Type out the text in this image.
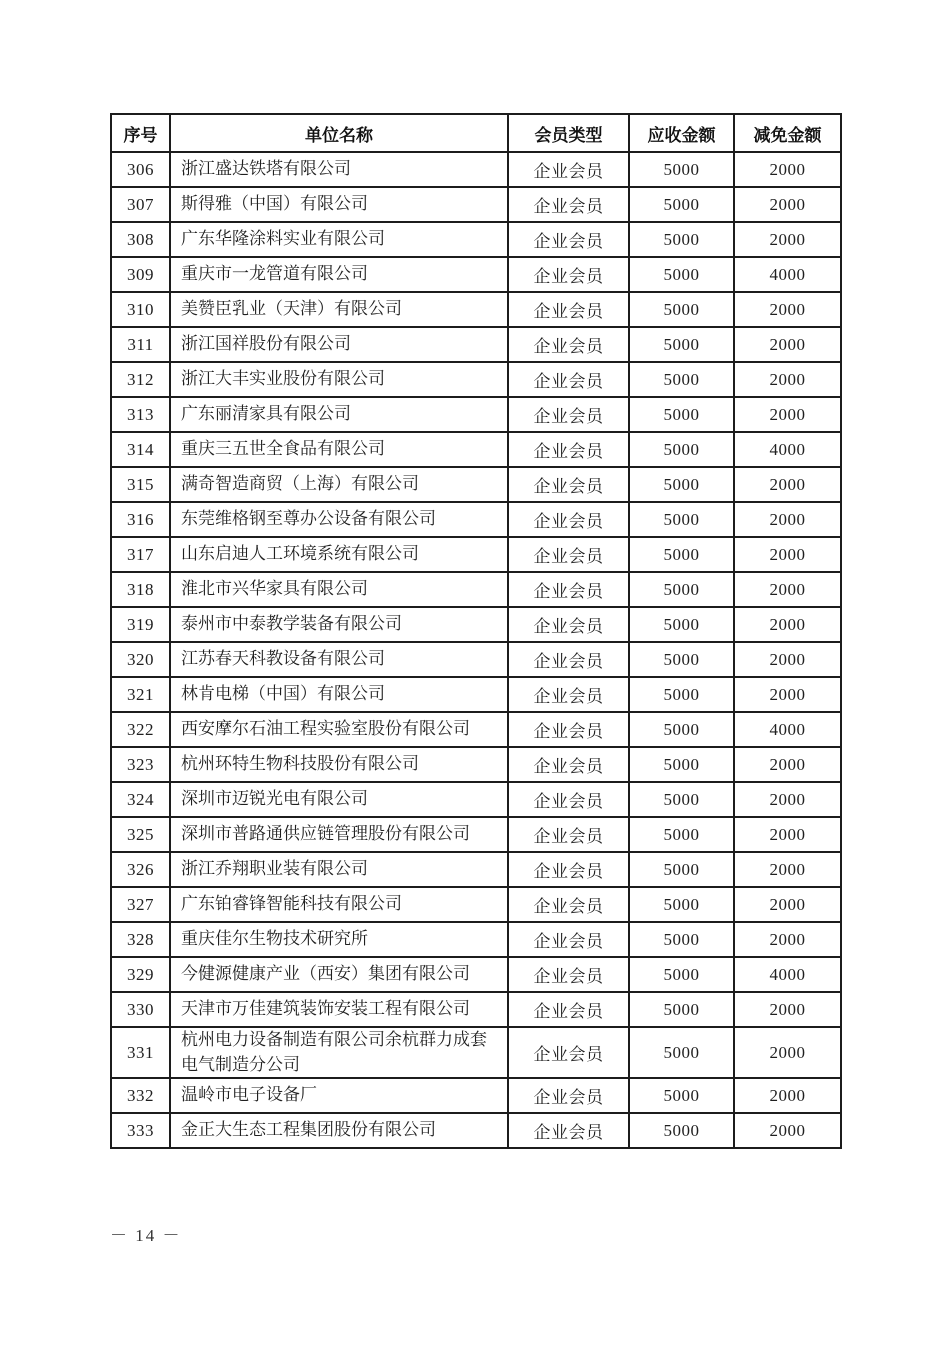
序号	单位名称	会员类型	应收金额	减免金额
306	浙江盛达铁塔有限公司	企业会员	5000	2000
307	斯得雅（中国）有限公司	企业会员	5000	2000
308	广东华隆涂料实业有限公司	企业会员	5000	2000
309	重庆市一龙管道有限公司	企业会员	5000	4000
310	美赞臣乳业（天津）有限公司	企业会员	5000	2000
311	浙江国祥股份有限公司	企业会员	5000	2000
312	浙江大丰实业股份有限公司	企业会员	5000	2000
313	广东丽清家具有限公司	企业会员	5000	2000
314	重庆三五世全食品有限公司	企业会员	5000	4000
315	满奇智造商贸（上海）有限公司	企业会员	5000	2000
316	东莞维格钢至尊办公设备有限公司	企业会员	5000	2000
317	山东启迪人工环境系统有限公司	企业会员	5000	2000
318	淮北市兴华家具有限公司	企业会员	5000	2000
319	泰州市中泰教学装备有限公司	企业会员	5000	2000
320	江苏春天科教设备有限公司	企业会员	5000	2000
321	林肯电梯（中国）有限公司	企业会员	5000	2000
322	西安摩尔石油工程实验室股份有限公司	企业会员	5000	4000
323	杭州环特生物科技股份有限公司	企业会员	5000	2000
324	深圳市迈锐光电有限公司	企业会员	5000	2000
325	深圳市普路通供应链管理股份有限公司	企业会员	5000	2000
326	浙江乔翔职业装有限公司	企业会员	5000	2000
327	广东铂睿锋智能科技有限公司	企业会员	5000	2000
328	重庆佳尔生物技术研究所	企业会员	5000	2000
329	今健源健康产业（西安）集团有限公司	企业会员	5000	4000
330	天津市万佳建筑装饰安装工程有限公司	企业会员	5000	2000
331	杭州电力设备制造有限公司余杭群力成套电气制造分公司	企业会员	5000	2000
332	温岭市电子设备厂	企业会员	5000	2000
333	金正大生态工程集团股份有限公司	企业会员	5000	2000
－ 14 －
